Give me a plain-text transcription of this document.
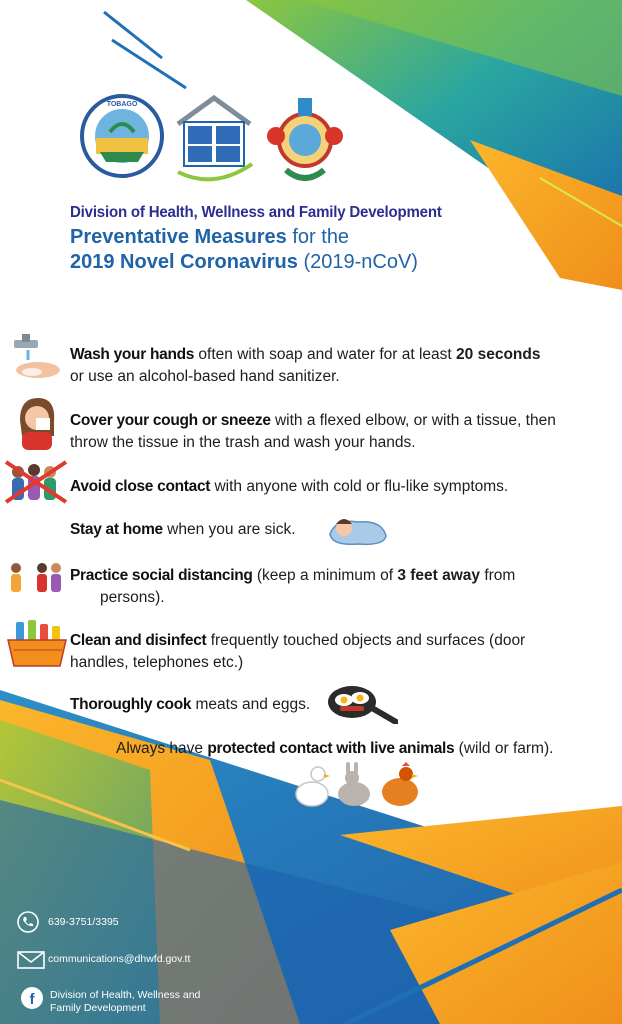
TOBAGO
Division of Health, Wellness and Family Development
Preventative Measures for the
2019 Novel Coronavirus (2019-nCoV)
Wash your hands often with soap and water for at least 20 seconds
or use an alcohol-based hand sanitizer.
Cover your cough or sneeze with a flexed elbow, or with a tissue, then
throw the tissue in the trash and wash your hands.
Avoid close contact with anyone with cold or flu-like symptoms.
Stay at home when you are sick.
Practice social distancing (keep a minimum of 3 feet away from
persons).
Clean and disinfect frequently touched objects and surfaces (door
handles, telephones etc.)
Thoroughly cook meats and eggs.
Always have protected contact with live animals (wild or farm).
639-3751/3395
communications@dhwfd.gov.tt
f Division of Health, Wellness and
Family Development
